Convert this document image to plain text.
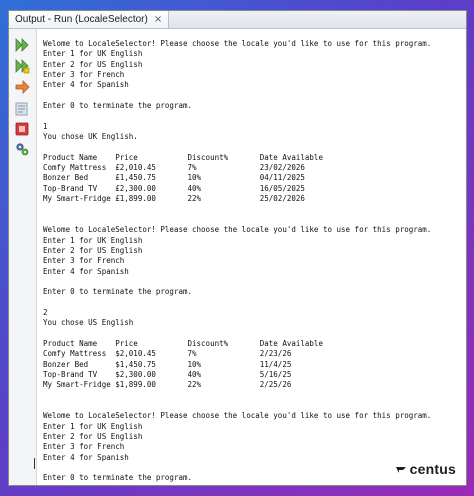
Output - Run (LocaleSelector) ×
Welome to LocaleSelector! Please choose the locale you'd like to use for this program.
Enter 1 for UK English
Enter 2 for US English
Enter 3 for French
Enter 4 for Spanish
Enter 0 to terminate the program.
1
You chose UK English.
Product Name    Price           Discount%       Date Available
Comfy Mattress  £2,010.45       7%              23/02/2026
Bonzer Bed      £1,450.75       10%             04/11/2025
Top-Brand TV    £2,300.00       40%             16/05/2025
My Smart-Fridge £1,899.00       22%             25/02/2026
Welome to LocaleSelector! Please choose the locale you'd like to use for this program.
Enter 1 for UK English
Enter 2 for US English
Enter 3 for French
Enter 4 for Spanish
Enter 0 to terminate the program.
2
You chose US English
Product Name    Price           Discount%       Date Available
Comfy Mattress  $2,010.45       7%              2/23/26
Bonzer Bed      $1,450.75       10%             11/4/25
Top-Brand TV    $2,300.00       40%             5/16/25
My Smart-Fridge $1,899.00       22%             2/25/26
Welome to LocaleSelector! Please choose the locale you'd like to use for this program.
Enter 1 for UK English
Enter 2 for US English
Enter 3 for French
Enter 4 for Spanish
Enter 0 to terminate the program.
centus
